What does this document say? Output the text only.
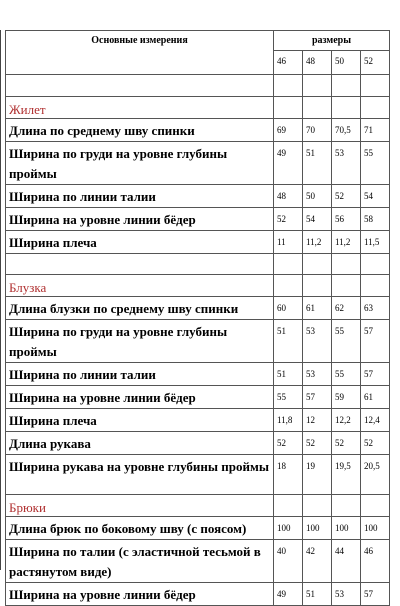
Основные измерения	размеры			
	46	48	50	52

Жилет				
Длина по среднему шву спинки	69	70	70,5	71
Ширина по груди на уровне глубины проймы	49	51	53	55
Ширина по линии талии	48	50	52	54
Ширина на уровне линии бёдер	52	54	56	58
Ширина плеча	11	11,2	11,2	11,5

Блузка				
Длина блузки по среднему шву спинки	60	61	62	63
Ширина по груди на уровне глубины проймы	51	53	55	57
Ширина по линии талии	51	53	55	57
Ширина на уровне линии бёдер	55	57	59	61
Ширина плеча	11,8	12	12,2	12,4
Длина рукава	52	52	52	52
Ширина рукава на уровне глубины проймы	18	19	19,5	20,5
Брюки				
Длина брюк по боковому шву (с поясом)	100	100	100	100
Ширина по талии (с эластичной тесьмой в растянутом виде)	40	42	44	46
Ширина на уровне линии бёдер	49	51	53	57
